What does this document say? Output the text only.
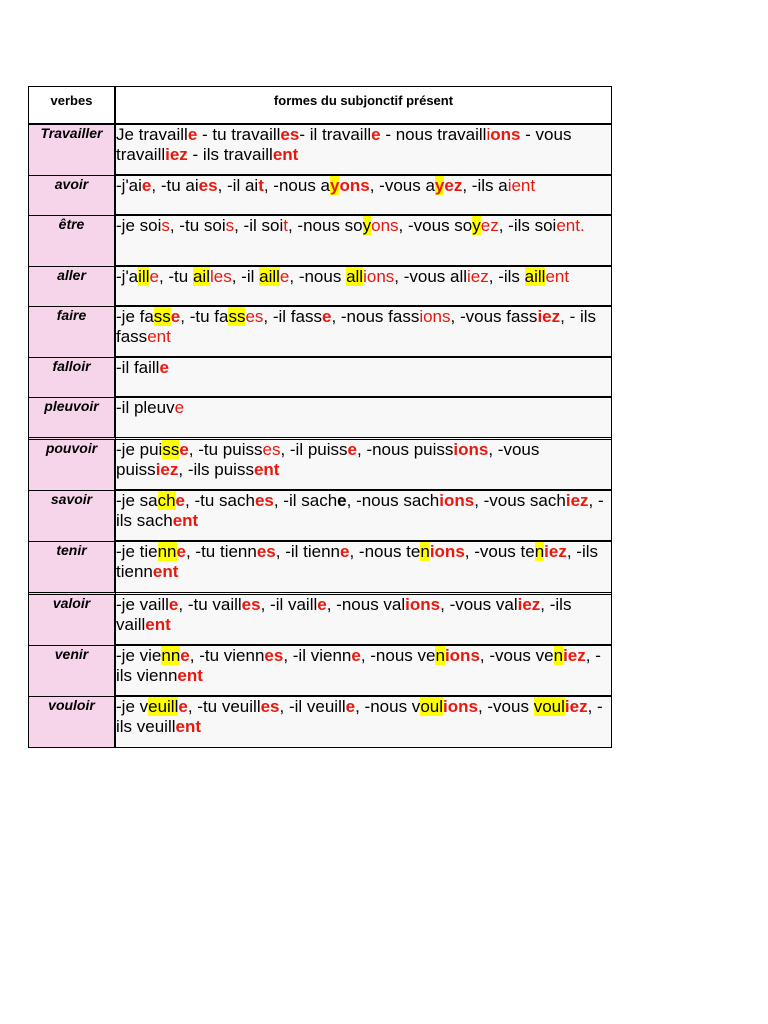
verbes	formes du subjonctif présent
Travailler	Je travaille - tu travailles- il travaille - nous travaillions - vous travailliez - ils travaillent
avoir	-j'aie, -tu aies, -il ait, -nous ayons, -vous ayez, -ils aient
être	-je sois, -tu sois, -il soit, -nous soyons, -vous soyez, -ils soient.
aller	-j'aille, -tu ailles, -il aille, -nous allions, -vous alliez, -ils aillent
faire	-je fasse, -tu fasses, -il fasse, -nous fassions, -vous fassiez, - ils fassent
falloir	-il faille
pleuvoir	-il pleuve
pouvoir	-je puisse, -tu puisses, -il puisse, -nous puissions, -vous puissiez, -ils puissent
savoir	-je sache, -tu saches, -il sache, -nous sachions, -vous sachiez, -ils sachent
tenir	-je tienne, -tu tiennes, -il tienne, -nous tenions, -vous teniez, -ils tiennent
valoir	-je vaille, -tu vailles, -il vaille, -nous valions, -vous valiez, -ils vaillent
venir	-je vienne, -tu viennes, -il vienne, -nous venions, -vous veniez, -ils viennent
vouloir	-je veuille, -tu veuilles, -il veuille, -nous voulions, -vous vouliez, -ils veuillent
